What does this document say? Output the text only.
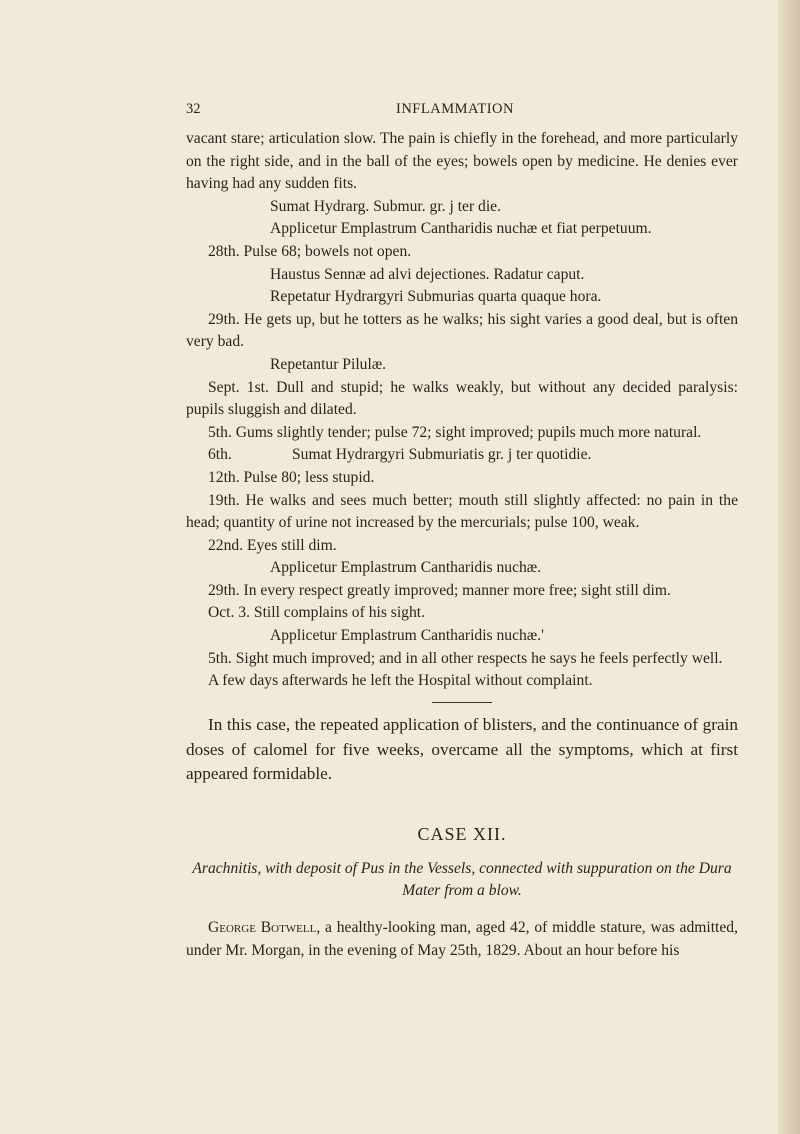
32	INFLAMMATION

vacant stare; articulation slow. The pain is chiefly in the forehead, and more particularly on the right side, and in the ball of the eyes; bowels open by medicine. He denies ever having had any sudden fits.

Sumat Hydrarg. Submur. gr. j ter die.

Applicetur Emplastrum Cantharidis nuchæ et fiat perpetuum.

28th. Pulse 68; bowels not open.

Haustus Sennæ ad alvi dejectiones. Radatur caput.

Repetatur Hydrargyri Submurias quarta quaque hora.

29th. He gets up, but he totters as he walks; his sight varies a good deal, but is often very bad.

Repetantur Pilulæ.

Sept. 1st. Dull and stupid; he walks weakly, but without any decided paralysis: pupils sluggish and dilated.

5th. Gums slightly tender; pulse 72; sight improved; pupils much more natural.

6th.	Sumat Hydrargyri Submuriatis gr. j ter quotidie.

12th. Pulse 80; less stupid.

19th. He walks and sees much better; mouth still slightly affected: no pain in the head; quantity of urine not increased by the mercurials; pulse 100, weak.

22nd. Eyes still dim.

Applicetur Emplastrum Cantharidis nuchæ.

29th. In every respect greatly improved; manner more free; sight still dim.

Oct. 3. Still complains of his sight.

Applicetur Emplastrum Cantharidis nuchæ.'

5th. Sight much improved; and in all other respects he says he feels perfectly well.

A few days afterwards he left the Hospital without complaint.

In this case, the repeated application of blisters, and the continuance of grain doses of calomel for five weeks, overcame all the symptoms, which at first appeared formidable.

CASE XII.
Arachnitis, with deposit of Pus in the Vessels, connected with suppuration on the Dura Mater from a blow.

George Botwell, a healthy-looking man, aged 42, of middle stature, was admitted, under Mr. Morgan, in the evening of May 25th, 1829. About an hour before his
